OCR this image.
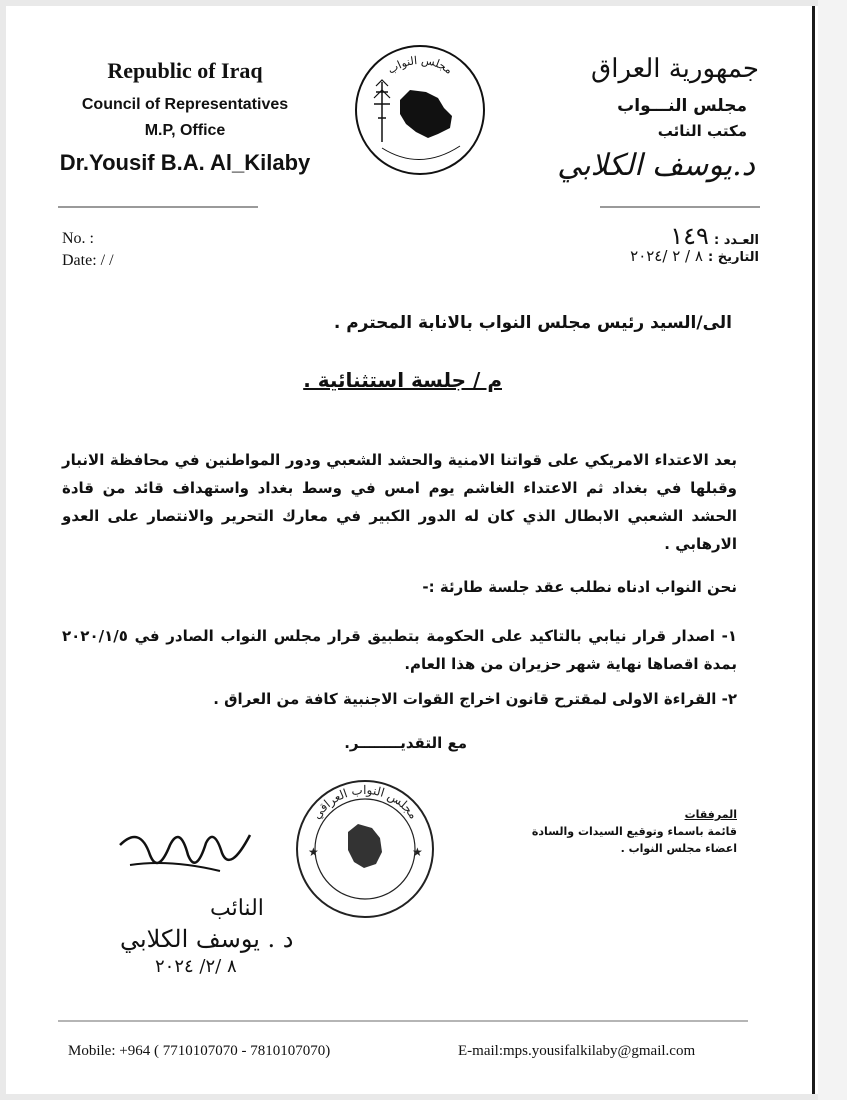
Republic of Iraq
Council of Representatives
M.P, Office
Dr.Yousif B.A. Al_Kilaby
جمهورية العراق
مجلس النـــواب
مكتب النائب
د.يوسف الكلابي
مجلس النواب
No. :
Date: / /
العـدد : ١٤٩
التاريخ : ٨ / ٢ /٢٠٢٤
الى/السيد رئيس مجلس النواب بالانابة المحترم .
م / جلسة استثنائية .
بعد الاعتداء الامريكي على قواتنا الامنية والحشد الشعبي ودور المواطنين في محافظة الانبار وقبلها في بغداد ثم الاعتداء الغاشم يوم امس في وسط بغداد واستهداف قائد من قادة الحشد الشعبي الابطال الذي كان له الدور الكبير في معارك التحرير والانتصار على العدو الارهابي .
نحن النواب ادناه نطلب عقد جلسة طارئة :-
١- اصدار قرار نيابي بالتاكيد على الحكومة بتطبيق قرار مجلس النواب الصادر في ٢٠٢٠/١/٥ بمدة اقصاها نهاية شهر حزيران من هذا العام.
٢- القراءة الاولى لمقترح قانون اخراج القوات الاجنبية كافة من العراق .
مع التقديــــــــر.
المرفقات
قائمة باسماء وتوقيع السيدات والسادة
اعضاء مجلس النواب .
مجلس النواب العراقي
★	★
النائب
د . يوسف الكلابي
٨ /٢/ ٢٠٢٤
Mobile: +964 ( 7710107070 - 7810107070)	E-mail:mps.yousifalkilaby@gmail.com
